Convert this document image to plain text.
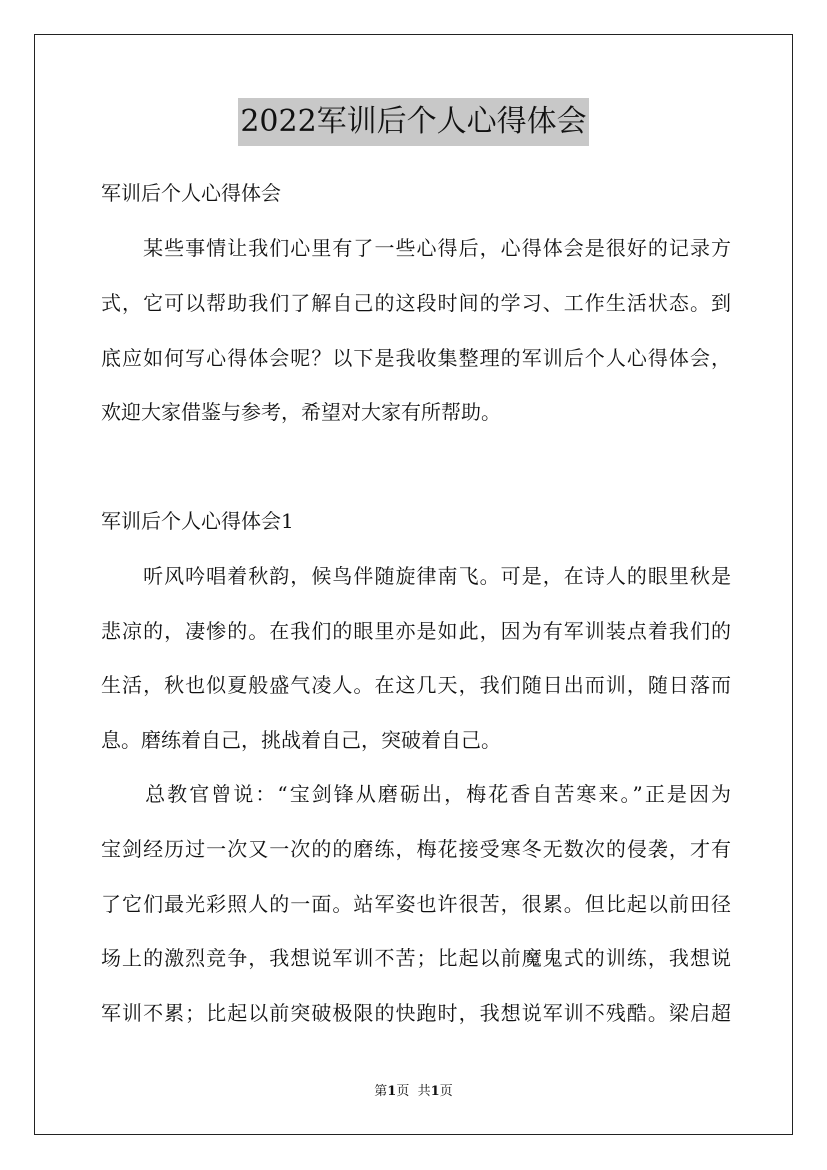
2022军训后个人心得体会
军训后个人心得体会
　　某些事情让我们心里有了一些心得后，心得体会是很好的记录方
式，它可以帮助我们了解自己的这段时间的学习、工作生活状态。到
底应如何写心得体会呢？以下是我收集整理的军训后个人心得体会，
欢迎大家借鉴与参考，希望对大家有所帮助。
军训后个人心得体会1
　　听风吟唱着秋韵，候鸟伴随旋律南飞。可是，在诗人的眼里秋是
悲凉的，凄惨的。在我们的眼里亦是如此，因为有军训装点着我们的
生活，秋也似夏般盛气凌人。在这几天，我们随日出而训，随日落而
息。磨练着自己，挑战着自己，突破着自己。
　　总教官曾说：“宝剑锋从磨砺出，梅花香自苦寒来。”正是因为
宝剑经历过一次又一次的的磨练，梅花接受寒冬无数次的侵袭，才有
了它们最光彩照人的一面。站军姿也许很苦，很累。但比起以前田径
场上的激烈竞争，我想说军训不苦；比起以前魔鬼式的训练，我想说
军训不累；比起以前突破极限的快跑时，我想说军训不残酷。梁启超
第1页 共1页
